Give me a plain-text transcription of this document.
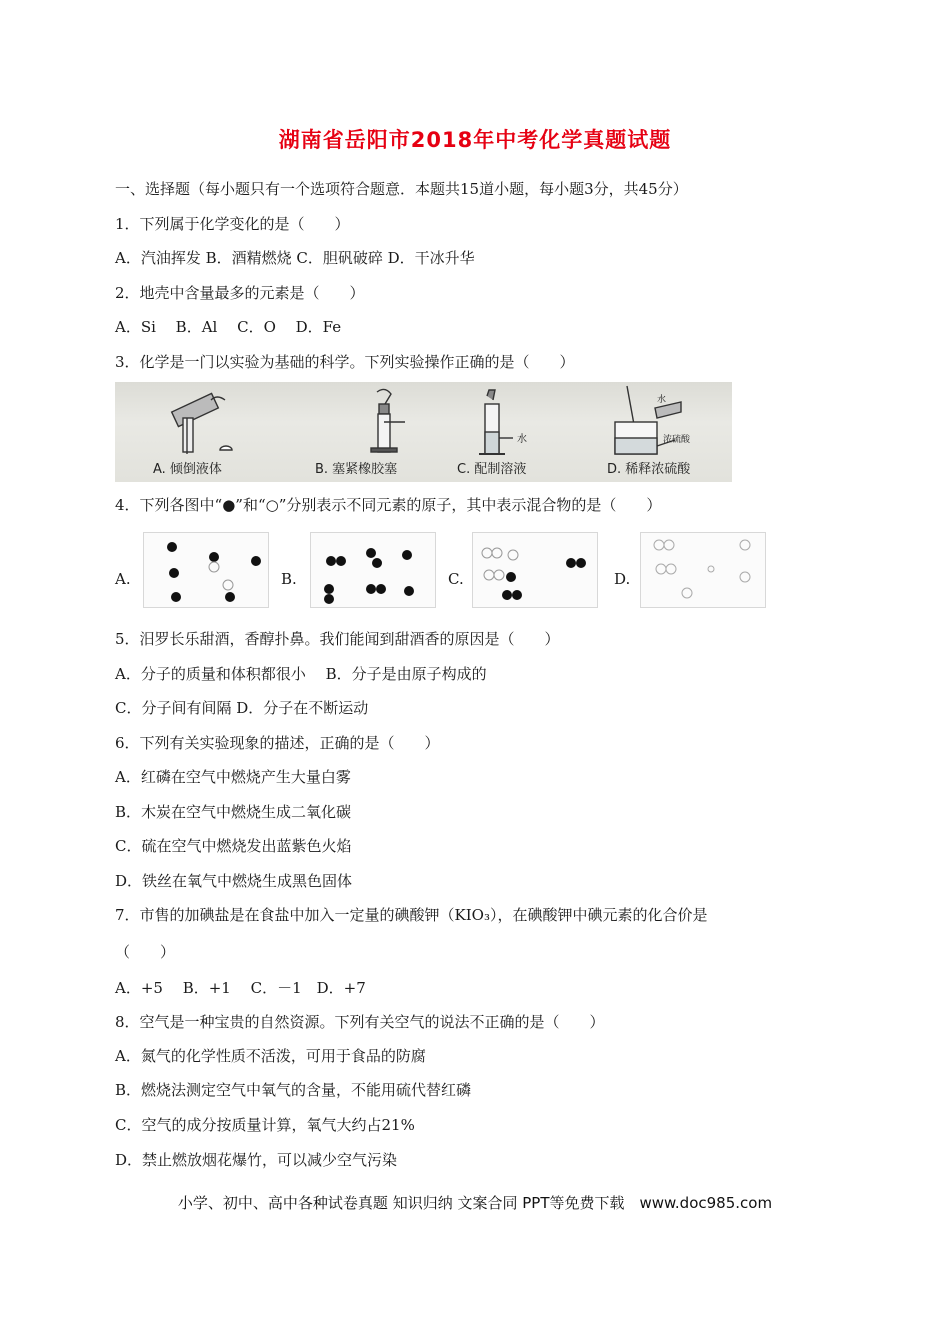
湖南省岳阳市2018年中考化学真题试题
一、选择题（每小题只有一个选项符合题意．本题共15道小题，每小题3分，共45分）
1．下列属于化学变化的是（　　）
A．汽油挥发 B．酒精燃烧 C．胆矾破碎 D．干冰升华
2．地壳中含量最多的元素是（　　）
A．Si　 B．Al　 C．O　 D．Fe
3．化学是一门以实验为基础的科学。下列实验操作正确的是（　　）
水
水
浓硫酸
A. 倾倒液体	B. 塞紧橡胶塞	C. 配制溶液	D. 稀释浓硫酸
4．下列各图中“●”和“○”分别表示不同元素的原子，其中表示混合物的是（　　）
A.	B.	C.	D.
5．汨罗长乐甜酒，香醇扑鼻。我们能闻到甜酒香的原因是（　　）
A．分子的质量和体积都很小　 B．分子是由原子构成的
C．分子间有间隔 D．分子在不断运动
6．下列有关实验现象的描述，正确的是（　　）
A．红磷在空气中燃烧产生大量白雾
B．木炭在空气中燃烧生成二氧化碳
C．硫在空气中燃烧发出蓝紫色火焰
D．铁丝在氧气中燃烧生成黑色固体
7．市售的加碘盐是在食盐中加入一定量的碘酸钾（KIO₃），在碘酸钾中碘元素的化合价是
（　　）
A．+5　 B．+1　 C．－1　D．+7
8．空气是一种宝贵的自然资源。下列有关空气的说法不正确的是（　　）
A．氮气的化学性质不活泼，可用于食品的防腐
B．燃烧法测定空气中氧气的含量，不能用硫代替红磷
C．空气的成分按质量计算，氧气大约占21%
D．禁止燃放烟花爆竹，可以减少空气污染
小学、初中、高中各种试卷真题 知识归纳 文案合同 PPT等免费下载　www.doc985.com
